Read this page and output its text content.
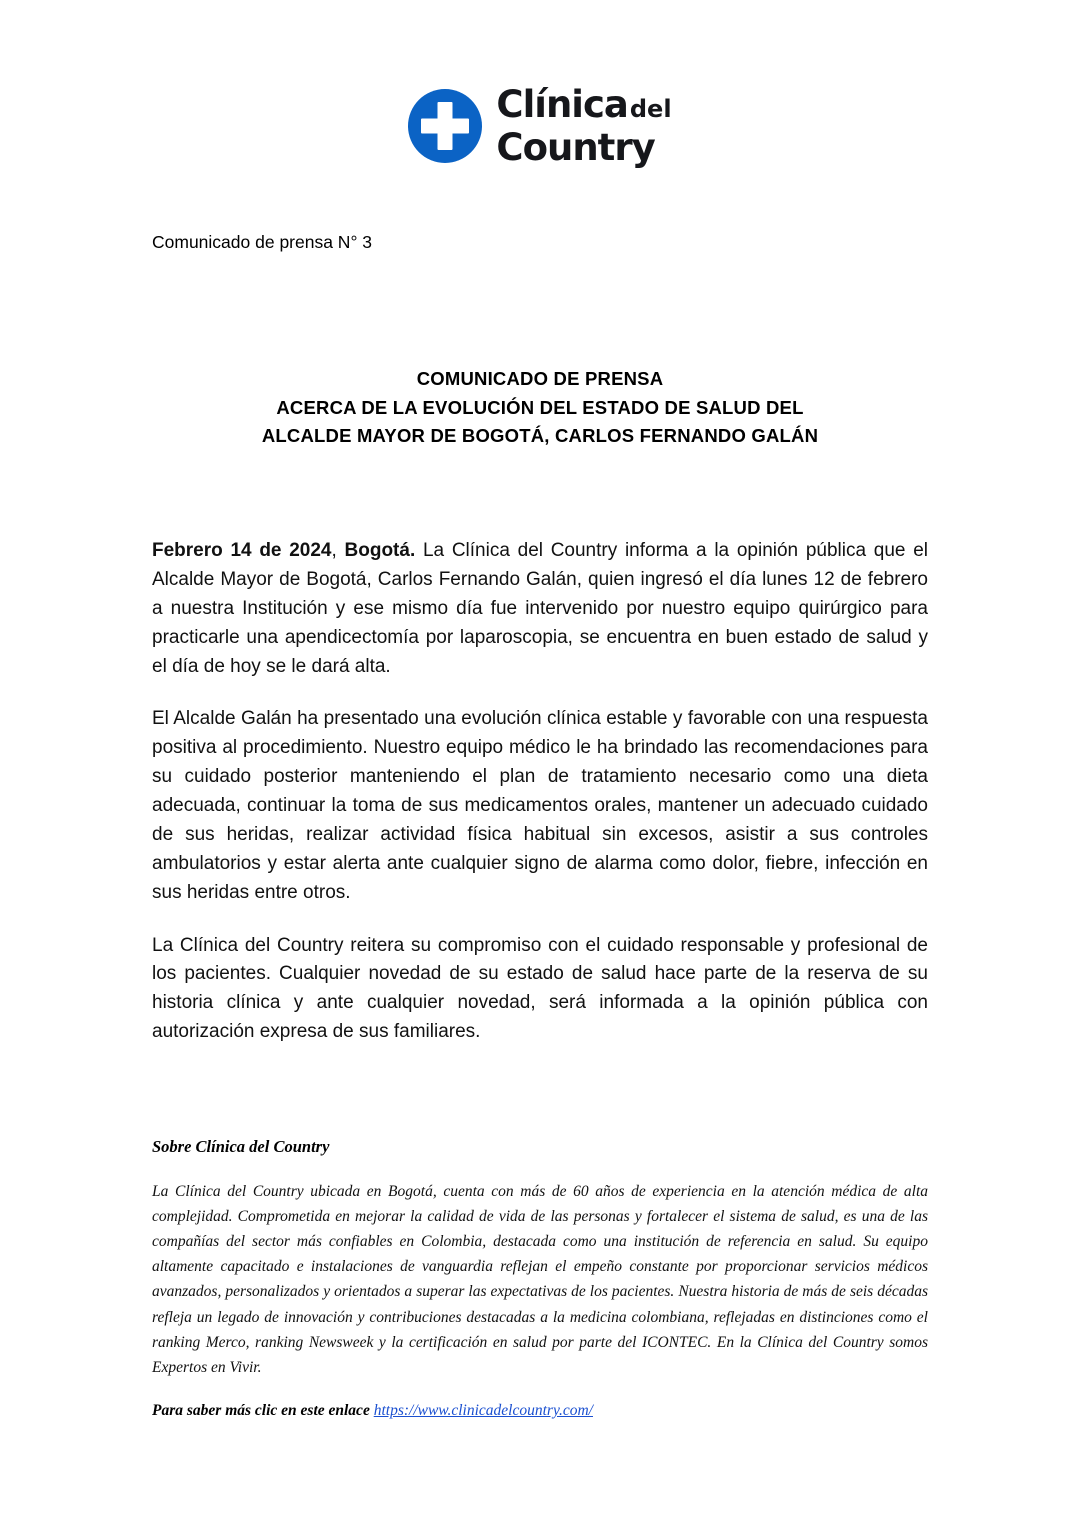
Clínica del
Country
Comunicado de prensa N° 3
COMUNICADO DE PRENSA
ACERCA DE LA EVOLUCIÓN DEL ESTADO DE SALUD DEL
ALCALDE MAYOR DE BOGOTÁ, CARLOS FERNANDO GALÁN

Febrero 14 de 2024, Bogotá. La Clínica del Country informa a la opinión pública que el Alcalde Mayor de Bogotá, Carlos Fernando Galán, quien ingresó el día lunes 12 de febrero a nuestra Institución y ese mismo día fue intervenido por nuestro equipo quirúrgico para practicarle una apendicectomía por laparoscopia, se encuentra en buen estado de salud y el día de hoy se le dará alta.

El Alcalde Galán ha presentado una evolución clínica estable y favorable con una respuesta positiva al procedimiento. Nuestro equipo médico le ha brindado las recomendaciones para su cuidado posterior manteniendo el plan de tratamiento necesario como una dieta adecuada, continuar la toma de sus medicamentos orales, mantener un adecuado cuidado de sus heridas, realizar actividad física habitual sin excesos, asistir a sus controles ambulatorios y estar alerta ante cualquier signo de alarma como dolor, fiebre, infección en sus heridas entre otros.

La Clínica del Country reitera su compromiso con el cuidado responsable y profesional de los pacientes. Cualquier novedad de su estado de salud hace parte de la reserva de su historia clínica y ante cualquier novedad, será informada a la opinión pública con autorización expresa de sus familiares.

Sobre Clínica del Country
La Clínica del Country ubicada en Bogotá, cuenta con más de 60 años de experiencia en la atención médica de alta complejidad. Comprometida en mejorar la calidad de vida de las personas y fortalecer el sistema de salud, es una de las compañías del sector más confiables en Colombia, destacada como una institución de referencia en salud. Su equipo altamente capacitado e instalaciones de vanguardia reflejan el empeño constante por proporcionar servicios médicos avanzados, personalizados y orientados a superar las expectativas de los pacientes. Nuestra historia de más de seis décadas refleja un legado de innovación y contribuciones destacadas a la medicina colombiana, reflejadas en distinciones como el ranking Merco, ranking Newsweek y la certificación en salud por parte del ICONTEC. En la Clínica del Country somos Expertos en Vivir.
Para saber más clic en este enlace https://www.clinicadelcountry.com/
